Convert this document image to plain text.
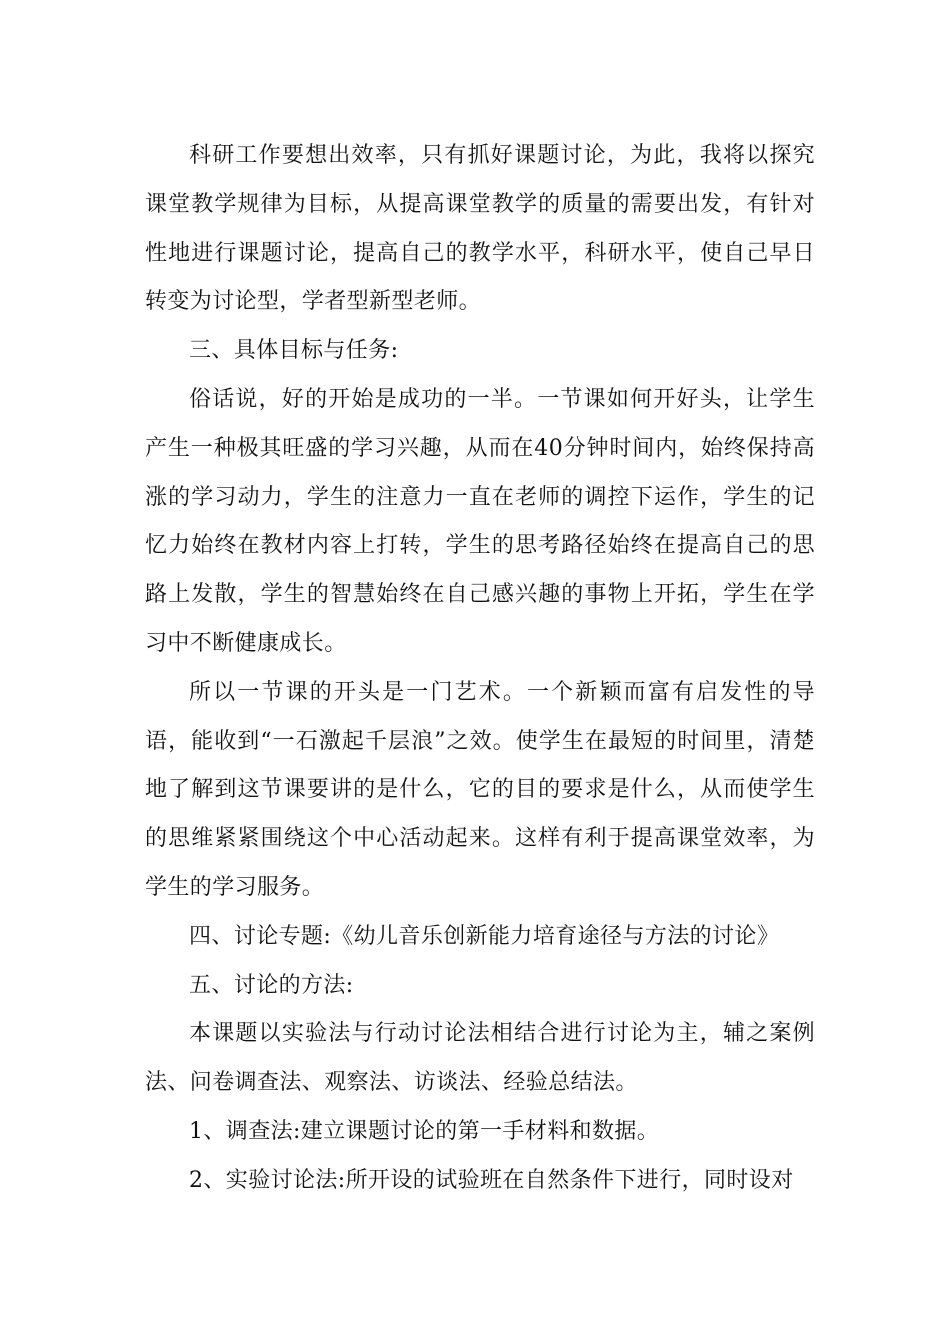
科研工作要想出效率，只有抓好课题讨论，为此，我将以探究课堂教学规律为目标，从提高课堂教学的质量的需要出发，有针对性地进行课题讨论，提高自己的教学水平，科研水平，使自己早日转变为讨论型，学者型新型老师。

三、具体目标与任务:

俗话说，好的开始是成功的一半。一节课如何开好头，让学生产生一种极其旺盛的学习兴趣，从而在40分钟时间内，始终保持高涨的学习动力，学生的注意力一直在老师的调控下运作，学生的记忆力始终在教材内容上打转，学生的思考路径始终在提高自己的思路上发散，学生的智慧始终在自己感兴趣的事物上开拓，学生在学习中不断健康成长。

所以一节课的开头是一门艺术。一个新颖而富有启发性的导语，能收到“一石激起千层浪”之效。使学生在最短的时间里，清楚地了解到这节课要讲的是什么，它的目的要求是什么，从而使学生的思维紧紧围绕这个中心活动起来。这样有利于提高课堂效率，为学生的学习服务。

四、讨论专题:《幼儿音乐创新能力培育途径与方法的讨论》

五、讨论的方法:

本课题以实验法与行动讨论法相结合进行讨论为主，辅之案例法、问卷调查法、观察法、访谈法、经验总结法。

1、调查法:建立课题讨论的第一手材料和数据。

2、实验讨论法:所开设的试验班在自然条件下进行，同时设对
